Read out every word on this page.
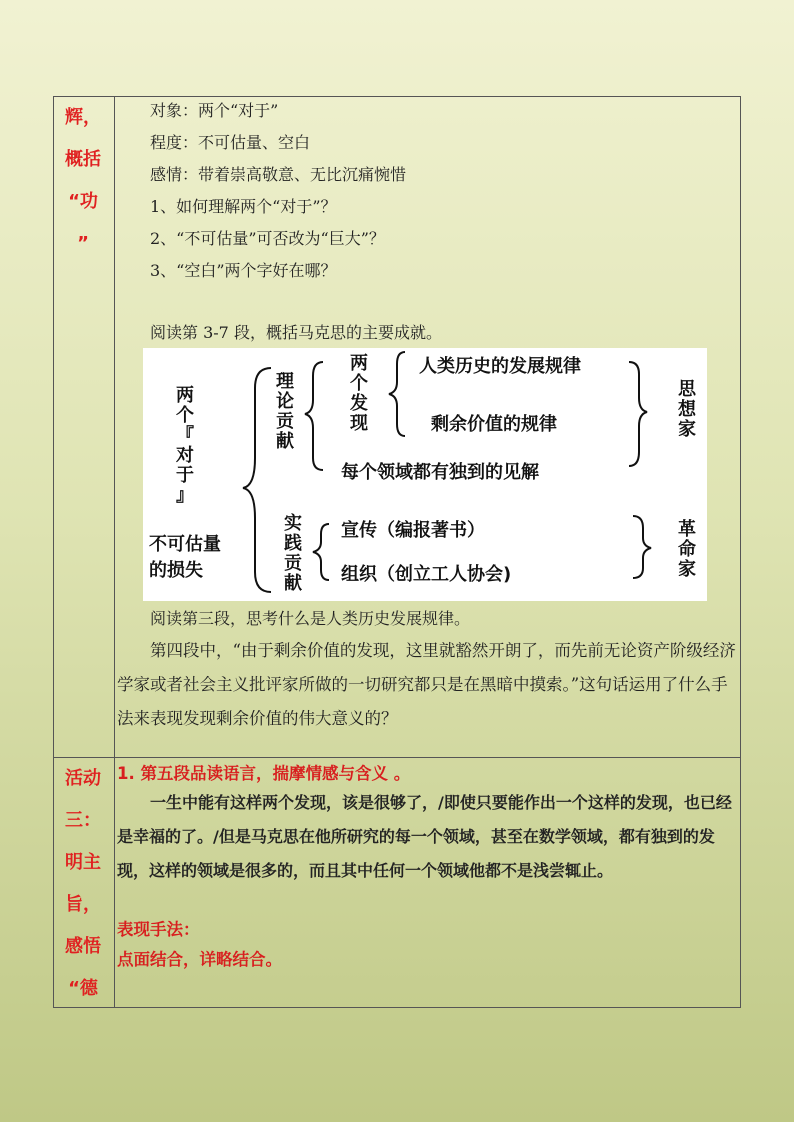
辉，
概括
“功
”
对象：两个“对于”
程度：不可估量、空白
感情：带着崇高敬意、无比沉痛惋惜
1、如何理解两个“对于”？
2、“不可估量”可否改为“巨大”？
3、“空白”两个字好在哪？
阅读第 3-7 段，概括马克思的主要成就。
两
个
『
对
于
』
不可估量
的损失
理
论
贡
献
两
个
发
现
人类历史的发展规律
剩余价值的规律
每个领域都有独到的见解
思
想
家
实
践
贡
献
宣传（编报著书）
组织（创立工人协会)
革
命
家
阅读第三段，思考什么是人类历史发展规律。
第四段中，“由于剩余价值的发现，这里就豁然开朗了，而先前无论资产阶级经济学家或者社会主义批评家所做的一切研究都只是在黑暗中摸索。”这句话运用了什么手法来表现发现剩余价值的伟大意义的？
活动
三：
明主
旨，
感悟
“德
1. 第五段品读语言，揣摩情感与含义 。
一生中能有这样两个发现，该是很够了，/即使只要能作出一个这样的发现，也已经是幸福的了。/但是马克思在他所研究的每一个领域，甚至在数学领域，都有独到的发现，这样的领域是很多的，而且其中任何一个领域他都不是浅尝辄止。
表现手法：
点面结合，详略结合。
